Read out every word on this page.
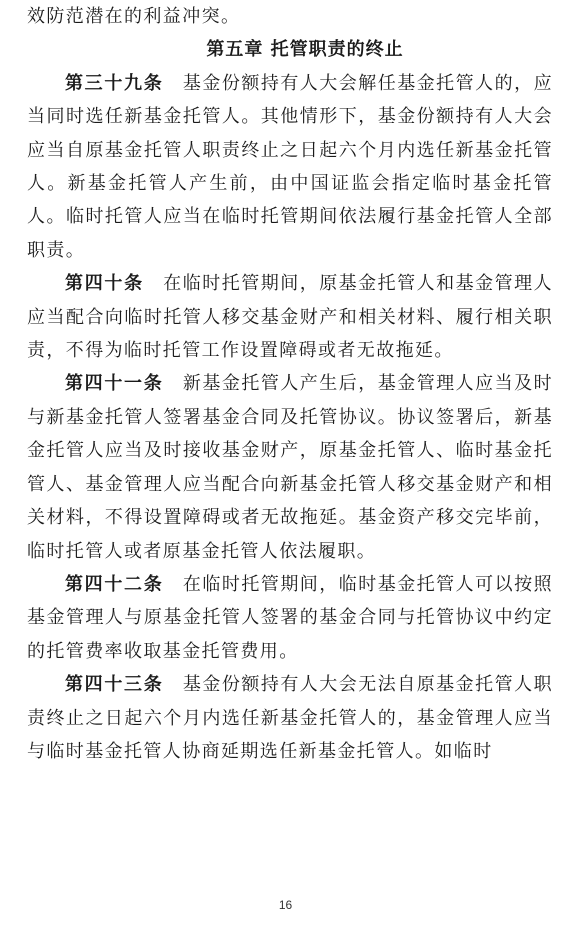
效防范潜在的利益冲突。

第五章 托管职责的终止

第三十九条  基金份额持有人大会解任基金托管人的，应当同时选任新基金托管人。其他情形下，基金份额持有人大会应当自原基金托管人职责终止之日起六个月内选任新基金托管人。新基金托管人产生前，由中国证监会指定临时基金托管人。临时托管人应当在临时托管期间依法履行基金托管人全部职责。

第四十条  在临时托管期间，原基金托管人和基金管理人应当配合向临时托管人移交基金财产和相关材料、履行相关职责，不得为临时托管工作设置障碍或者无故拖延。

第四十一条  新基金托管人产生后，基金管理人应当及时与新基金托管人签署基金合同及托管协议。协议签署后，新基金托管人应当及时接收基金财产，原基金托管人、临时基金托管人、基金管理人应当配合向新基金托管人移交基金财产和相关材料，不得设置障碍或者无故拖延。基金资产移交完毕前，临时托管人或者原基金托管人依法履职。

第四十二条  在临时托管期间，临时基金托管人可以按照基金管理人与原基金托管人签署的基金合同与托管协议中约定的托管费率收取基金托管费用。

第四十三条  基金份额持有人大会无法自原基金托管人职责终止之日起六个月内选任新基金托管人的，基金管理人应当与临时基金托管人协商延期选任新基金托管人。如临时

16
